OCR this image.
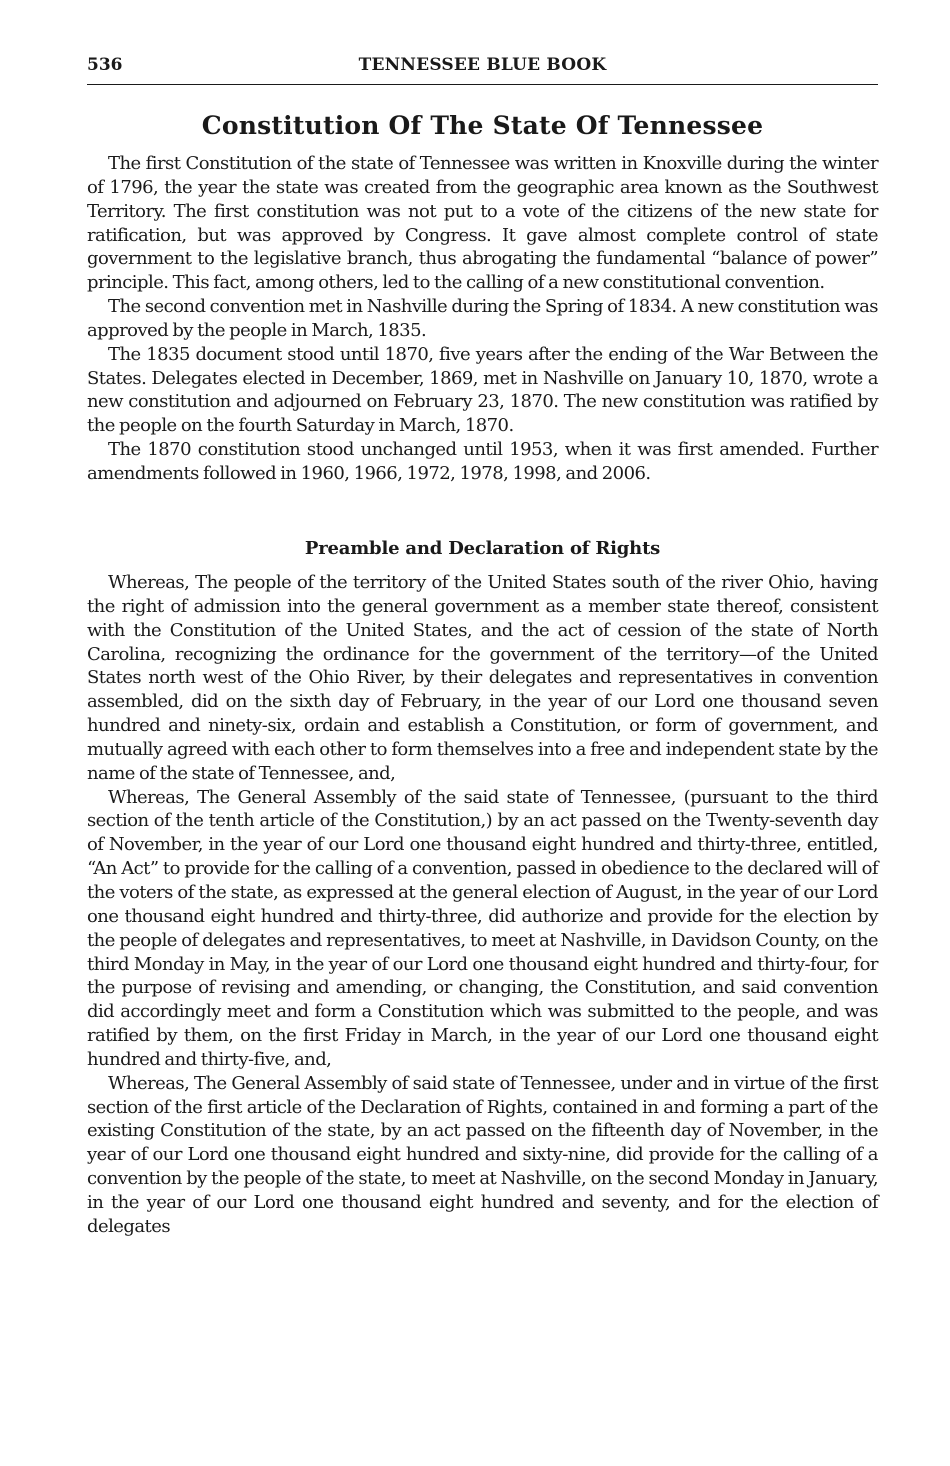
536	TENNESSEE BLUE BOOK
Constitution Of The State Of Tennessee

The first Constitution of the state of Tennessee was written in Knoxville during the winter of 1796, the year the state was created from the geographic area known as the Southwest Territory. The first constitution was not put to a vote of the citizens of the new state for ratification, but was approved by Congress. It gave almost complete control of state government to the legislative branch, thus abrogating the fundamental “balance of power” principle. This fact, among others, led to the calling of a new constitutional convention.

The second convention met in Nashville during the Spring of 1834. A new constitution was approved by the people in March, 1835.

The 1835 document stood until 1870, five years after the ending of the War Between the States. Delegates elected in December, 1869, met in Nashville on January 10, 1870, wrote a new constitution and adjourned on February 23, 1870. The new constitution was ratified by the people on the fourth Saturday in March, 1870.

The 1870 constitution stood unchanged until 1953, when it was first amended. Further amendments followed in 1960, 1966, 1972, 1978, 1998, and 2006.

Preamble and Declaration of Rights

Whereas, The people of the territory of the United States south of the river Ohio, having the right of admission into the general government as a member state thereof, consistent with the Constitution of the United States, and the act of cession of the state of North Carolina, recognizing the ordinance for the government of the territory—of the United States north west of the Ohio River, by their delegates and representatives in convention assembled, did on the sixth day of February, in the year of our Lord one thousand seven hundred and ninety-six, ordain and establish a Constitution, or form of government, and mutually agreed with each other to form themselves into a free and independent state by the name of the state of Tennessee, and,

Whereas, The General Assembly of the said state of Tennessee, (pursuant to the third section of the tenth article of the Constitution,) by an act passed on the Twenty-seventh day of November, in the year of our Lord one thousand eight hundred and thirty-three, entitled, “An Act” to provide for the calling of a convention, passed in obedience to the declared will of the voters of the state, as expressed at the general election of August, in the year of our Lord one thousand eight hundred and thirty-three, did authorize and provide for the election by the people of delegates and representatives, to meet at Nashville, in Davidson County, on the third Monday in May, in the year of our Lord one thousand eight hundred and thirty-four, for the purpose of revising and amending, or changing, the Constitution, and said convention did accordingly meet and form a Constitution which was submitted to the people, and was ratified by them, on the first Friday in March, in the year of our Lord one thousand eight hundred and thirty-five, and,

Whereas, The General Assembly of said state of Tennessee, under and in virtue of the first section of the first article of the Declaration of Rights, contained in and forming a part of the existing Constitution of the state, by an act passed on the fifteenth day of November, in the year of our Lord one thousand eight hundred and sixty-nine, did provide for the calling of a convention by the people of the state, to meet at Nashville, on the second Monday in January, in the year of our Lord one thousand eight hundred and seventy, and for the election of delegates
